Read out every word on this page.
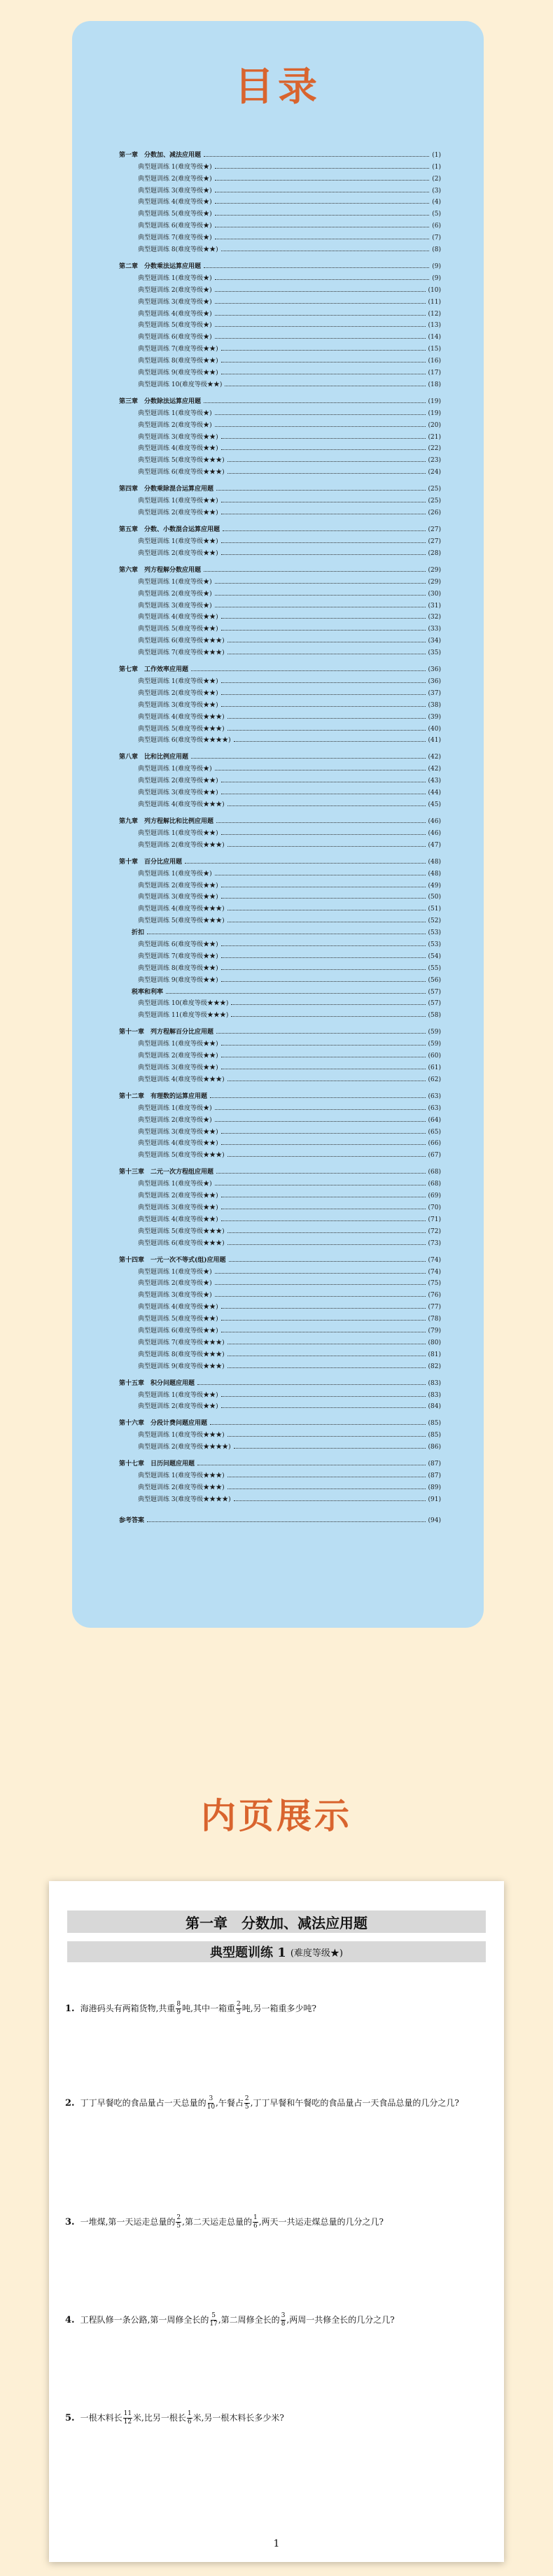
目录
第一章　分数加、减法应用题	(1)
典型题训练 1(难度等级★)	(1)
典型题训练 2(难度等级★)	(2)
典型题训练 3(难度等级★)	(3)
典型题训练 4(难度等级★)	(4)
典型题训练 5(难度等级★)	(5)
典型题训练 6(难度等级★)	(6)
典型题训练 7(难度等级★)	(7)
典型题训练 8(难度等级★★)	(8)
第二章　分数乘法运算应用题	(9)
典型题训练 1(难度等级★)	(9)
典型题训练 2(难度等级★)	(10)
典型题训练 3(难度等级★)	(11)
典型题训练 4(难度等级★)	(12)
典型题训练 5(难度等级★)	(13)
典型题训练 6(难度等级★)	(14)
典型题训练 7(难度等级★★)	(15)
典型题训练 8(难度等级★★)	(16)
典型题训练 9(难度等级★★)	(17)
典型题训练 10(难度等级★★)	(18)
第三章　分数除法运算应用题	(19)
典型题训练 1(难度等级★)	(19)
典型题训练 2(难度等级★)	(20)
典型题训练 3(难度等级★★)	(21)
典型题训练 4(难度等级★★)	(22)
典型题训练 5(难度等级★★★)	(23)
典型题训练 6(难度等级★★★)	(24)
第四章　分数乘除混合运算应用题	(25)
典型题训练 1(难度等级★★)	(25)
典型题训练 2(难度等级★★)	(26)
第五章　分数、小数混合运算应用题	(27)
典型题训练 1(难度等级★★)	(27)
典型题训练 2(难度等级★★)	(28)
第六章　列方程解分数应用题	(29)
典型题训练 1(难度等级★)	(29)
典型题训练 2(难度等级★)	(30)
典型题训练 3(难度等级★)	(31)
典型题训练 4(难度等级★★)	(32)
典型题训练 5(难度等级★★)	(33)
典型题训练 6(难度等级★★★)	(34)
典型题训练 7(难度等级★★★)	(35)
第七章　工作效率应用题	(36)
典型题训练 1(难度等级★★)	(36)
典型题训练 2(难度等级★★)	(37)
典型题训练 3(难度等级★★)	(38)
典型题训练 4(难度等级★★★)	(39)
典型题训练 5(难度等级★★★)	(40)
典型题训练 6(难度等级★★★★)	(41)
第八章　比和比例应用题	(42)
典型题训练 1(难度等级★)	(42)
典型题训练 2(难度等级★★)	(43)
典型题训练 3(难度等级★★)	(44)
典型题训练 4(难度等级★★★)	(45)
第九章　列方程解比和比例应用题	(46)
典型题训练 1(难度等级★★)	(46)
典型题训练 2(难度等级★★★)	(47)
第十章　百分比应用题	(48)
典型题训练 1(难度等级★)	(48)
典型题训练 2(难度等级★★)	(49)
典型题训练 3(难度等级★★)	(50)
典型题训练 4(难度等级★★★)	(51)
典型题训练 5(难度等级★★★)	(52)
折扣	(53)
典型题训练 6(难度等级★★)	(53)
典型题训练 7(难度等级★★)	(54)
典型题训练 8(难度等级★★)	(55)
典型题训练 9(难度等级★★)	(56)
税率和利率	(57)
典型题训练 10(难度等级★★★)	(57)
典型题训练 11(难度等级★★★)	(58)
第十一章　列方程解百分比应用题	(59)
典型题训练 1(难度等级★★)	(59)
典型题训练 2(难度等级★★)	(60)
典型题训练 3(难度等级★★)	(61)
典型题训练 4(难度等级★★★)	(62)
第十二章　有理数的运算应用题	(63)
典型题训练 1(难度等级★)	(63)
典型题训练 2(难度等级★)	(64)
典型题训练 3(难度等级★★)	(65)
典型题训练 4(难度等级★★)	(66)
典型题训练 5(难度等级★★★)	(67)
第十三章　二元一次方程组应用题	(68)
典型题训练 1(难度等级★)	(68)
典型题训练 2(难度等级★★)	(69)
典型题训练 3(难度等级★★)	(70)
典型题训练 4(难度等级★★)	(71)
典型题训练 5(难度等级★★★)	(72)
典型题训练 6(难度等级★★★)	(73)
第十四章　一元一次不等式(组)应用题	(74)
典型题训练 1(难度等级★)	(74)
典型题训练 2(难度等级★)	(75)
典型题训练 3(难度等级★)	(76)
典型题训练 4(难度等级★★)	(77)
典型题训练 5(难度等级★★)	(78)
典型题训练 6(难度等级★★)	(79)
典型题训练 7(难度等级★★★)	(80)
典型题训练 8(难度等级★★★)	(81)
典型题训练 9(难度等级★★★)	(82)
第十五章　积分问题应用题	(83)
典型题训练 1(难度等级★★)	(83)
典型题训练 2(难度等级★★)	(84)
第十六章　分段计费问题应用题	(85)
典型题训练 1(难度等级★★★)	(85)
典型题训练 2(难度等级★★★★)	(86)
第十七章　日历问题应用题	(87)
典型题训练 1(难度等级★★★)	(87)
典型题训练 2(难度等级★★★)	(89)
典型题训练 3(难度等级★★★★)	(91)
参考答案	(94)
内页展示
第一章　分数加、减法应用题
典型题训练 1 (难度等级★)
1. 海港码头有两箱货物,共重 $\frac{8}{9}$ 吨,其中一箱重 $\frac{2}{3}$ 吨,另一箱重多少吨?
2. 丁丁早餐吃的食品量占一天总量的 $\frac{3}{10}$ ,午餐占 $\frac{2}{5}$ ,丁丁早餐和午餐吃的食品量占一天食品总量的几分之几?
3. 一堆煤,第一天运走总量的 $\frac{2}{5}$ ,第二天运走总量的 $\frac{1}{6}$ ,两天一共运走煤总量的几分之几?
4. 工程队修一条公路,第一周修全长的 $\frac{5}{17}$ ,第二周修全长的 $\frac{3}{8}$ ,两周一共修全长的几分之几?
5. 一根木料长 $\frac{11}{12}$ 米,比另一根长 $\frac{1}{6}$ 米,另一根木料长多少米?
1
